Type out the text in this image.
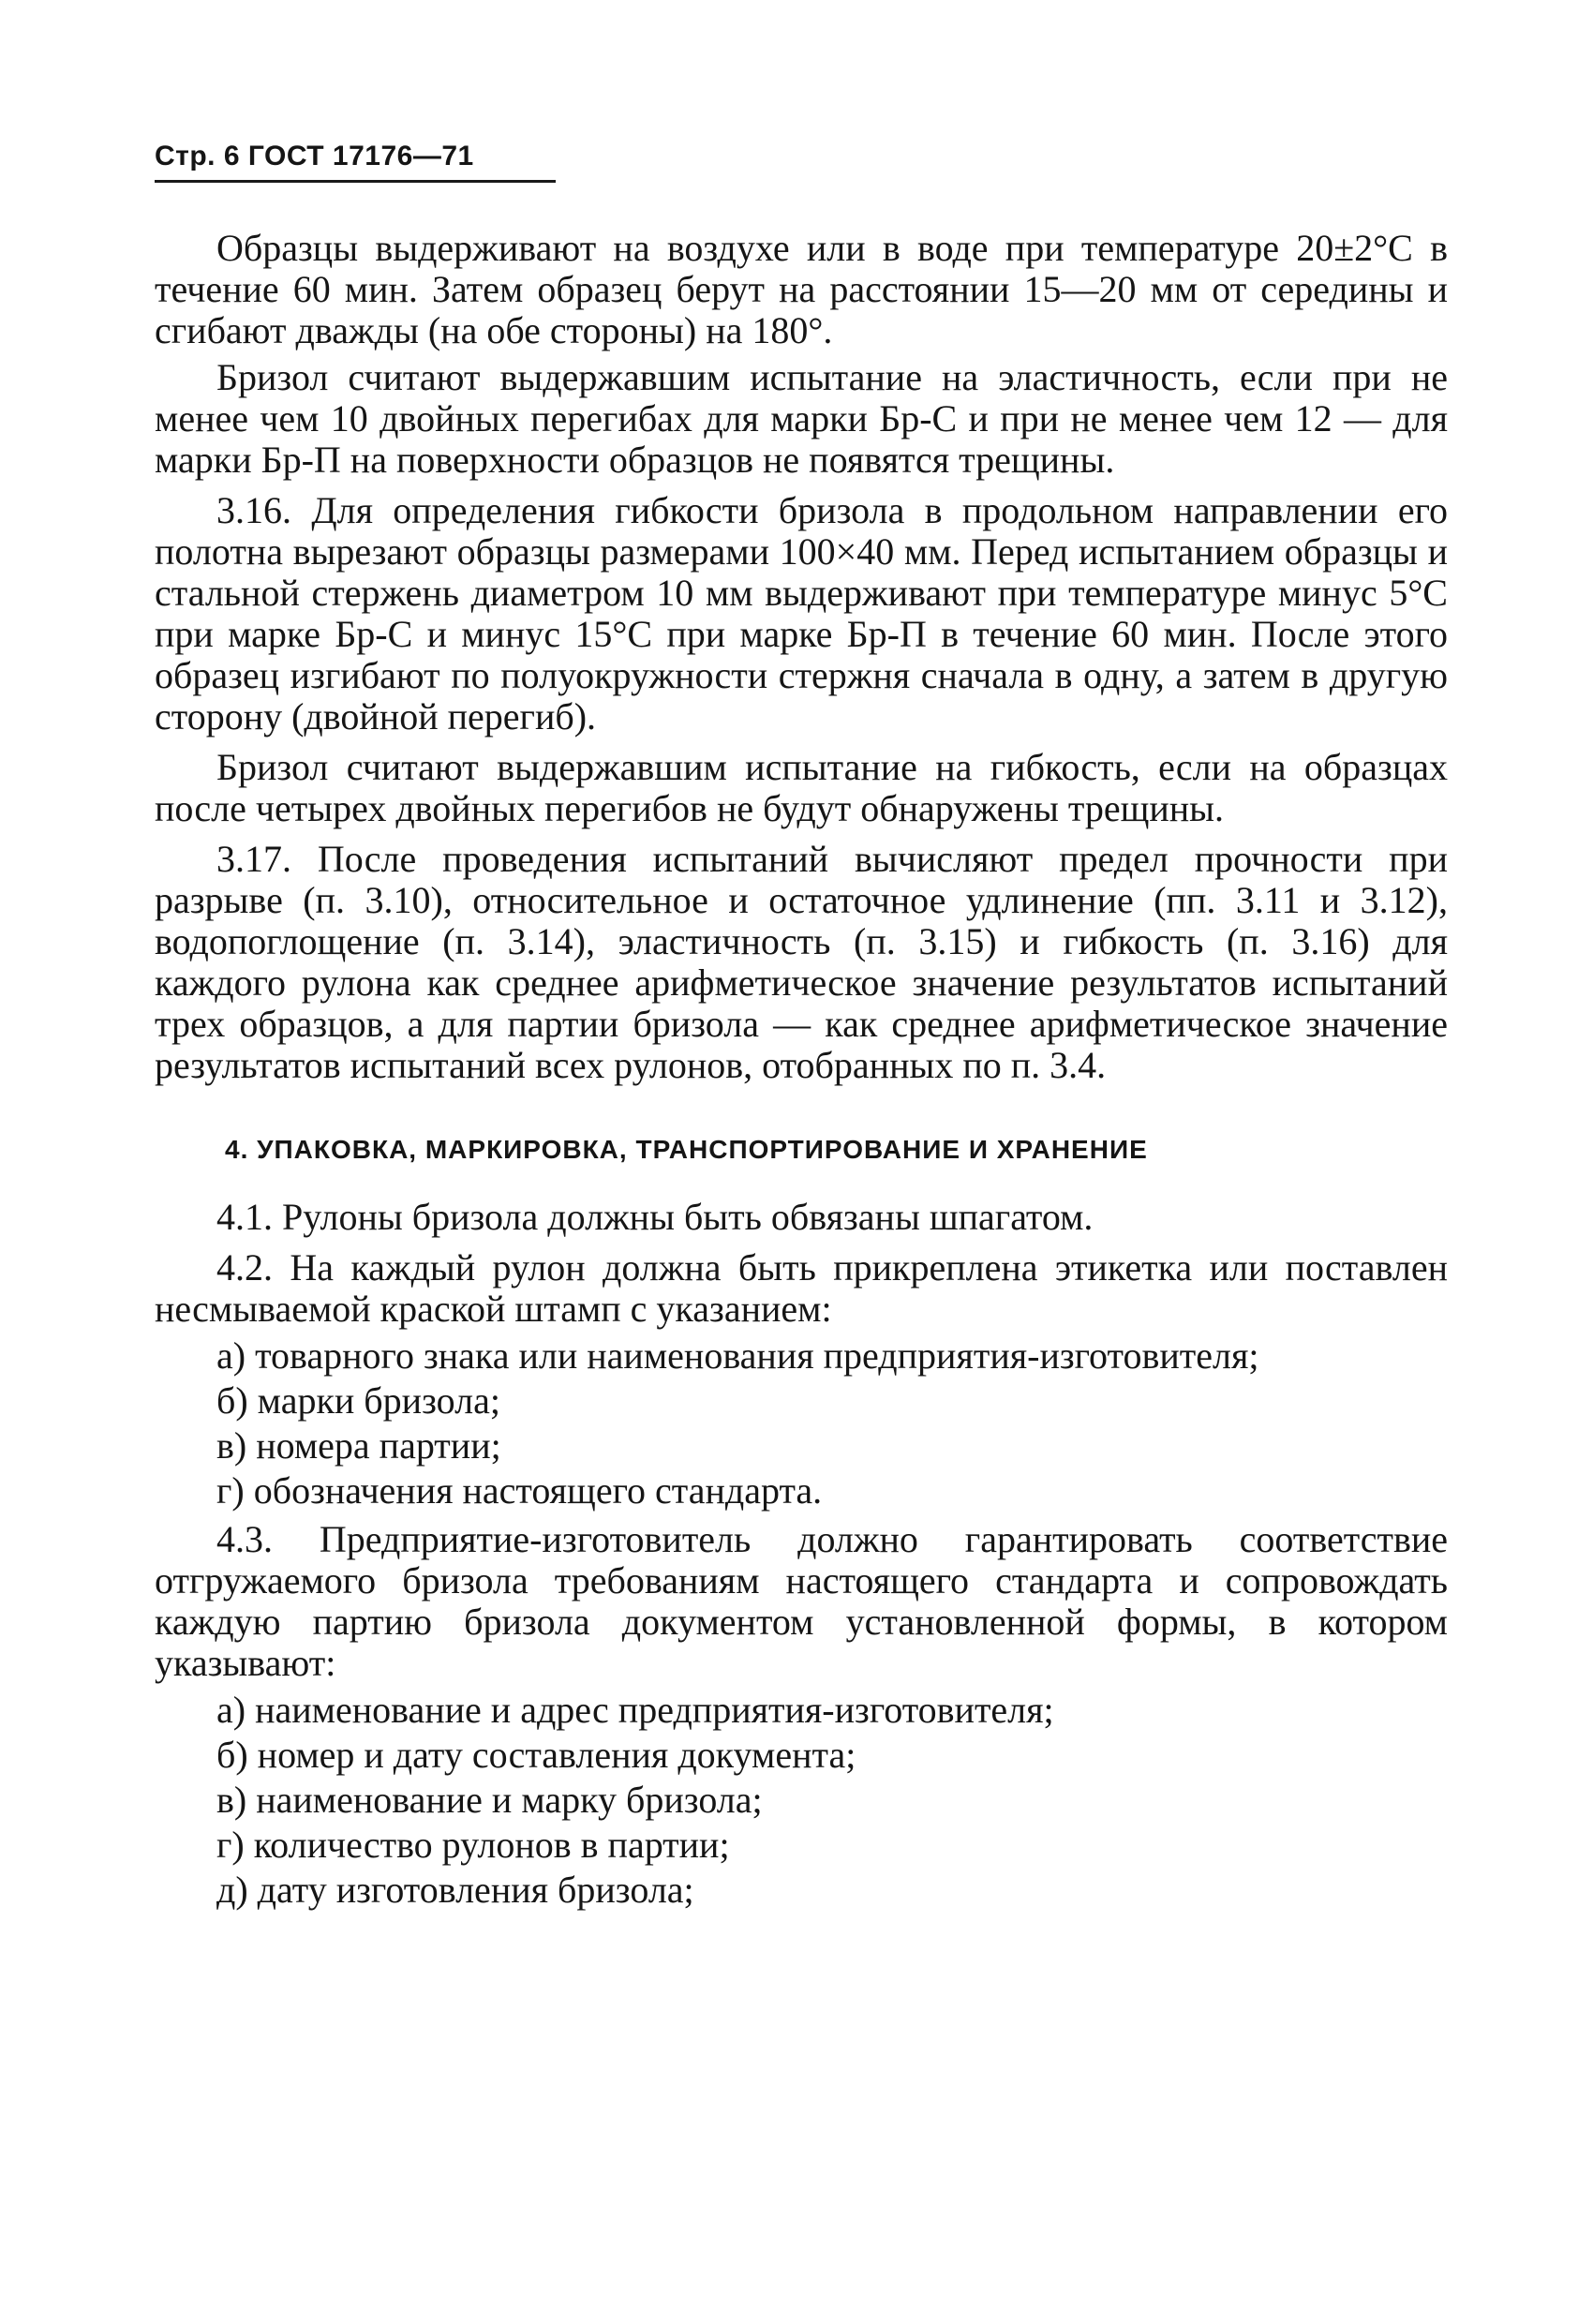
Стр. 6 ГОСТ 17176—71

Образцы выдерживают на воздухе или в воде при температуре 20±2°С в течение 60 мин. Затем образец берут на расстоянии 15—20 мм от середины и сгибают дважды (на обе стороны) на 180°.

Бризол считают выдержавшим испытание на эластичность, если при не менее чем 10 двойных перегибах для марки Бр-С и при не менее чем 12 — для марки Бр-П на поверхности образцов не появятся трещины.

3.16. Для определения гибкости бризола в продольном направлении его полотна вырезают образцы размерами 100×40 мм. Перед испытанием образцы и стальной стержень диаметром 10 мм выдерживают при температуре минус 5°С при марке Бр-С и минус 15°С при марке Бр-П в течение 60 мин. После этого образец изгибают по полуокружности стержня сначала в одну, а затем в другую сторону (двойной перегиб).

Бризол считают выдержавшим испытание на гибкость, если на образцах после четырех двойных перегибов не будут обнаружены трещины.

3.17. После проведения испытаний вычисляют предел прочности при разрыве (п. 3.10), относительное и остаточное удлинение (пп. 3.11 и 3.12), водопоглощение (п. 3.14), эластичность (п. 3.15) и гибкость (п. 3.16) для каждого рулона как среднее арифметическое значение результатов испытаний трех образцов, а для партии бризола — как среднее арифметическое значение результатов испытаний всех рулонов, отобранных по п. 3.4.

4. УПАКОВКА, МАРКИРОВКА, ТРАНСПОРТИРОВАНИЕ И ХРАНЕНИЕ

4.1. Рулоны бризола должны быть обвязаны шпагатом.

4.2. На каждый рулон должна быть прикреплена этикетка или поставлен несмываемой краской штамп с указанием:

а) товарного знака или наименования предприятия-изготовителя;

б) марки бризола;

в) номера партии;

г) обозначения настоящего стандарта.

4.3. Предприятие-изготовитель должно гарантировать соответствие отгружаемого бризола требованиям настоящего стандарта и сопровождать каждую партию бризола документом установленной формы, в котором указывают:

а) наименование и адрес предприятия-изготовителя;

б) номер и дату составления документа;

в) наименование и марку бризола;

г) количество рулонов в партии;

д) дату изготовления бризола;
